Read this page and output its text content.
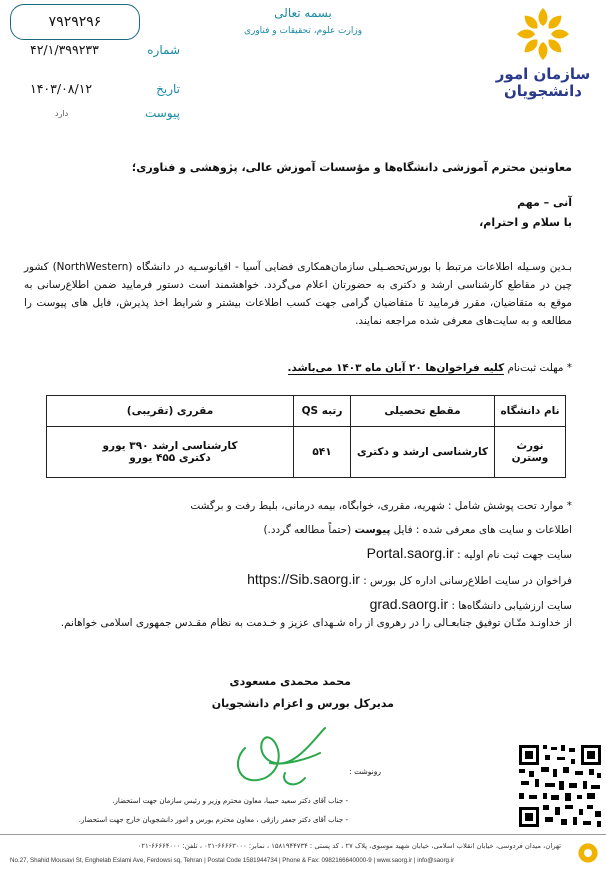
سازمان امور دانشجویان
بسمه تعالی
وزارت علوم، تحقیقات و فناوری
۷۹۲۹۲۹۶
شماره
۴۲/۱/۳۹۹۲۳۳
تاریخ
۱۴۰۳/۰۸/۱۲
پیوست
دارد
معاونین محترم آموزشی دانشگاه‌ها و مؤسسات آموزش عالی، پژوهشی و فناوری؛
آنی – مهم
با سلام و احترام،
بـدین وسـیله اطلاعات مرتبط با بورس‌تحصـیلی سازمان‌همکاری فضایی آسیا - اقیانوسـیه در دانشگاه (NorthWestern) کشور چین در مقاطع کارشناسی ارشد و دکتری به حضورتان اعلام می‌گردد. خواهشمند است دستور فرمایید ضمن اطلاع‌رسانی به موقع به متقاضیان، مقرر فرمایید تا متقاضیان گرامی جهت کسب اطلاعات بیشتر و شرایط اخذ پذیرش، فایل های پیوست را مطالعه و به سایت‌های معرفی شده مراجعه نمایند.
* مهلت ثبت‌نام کلیه فراخوان‌ها ۲۰ آبان ماه ۱۴۰۳ می‌باشد.
نام دانشگاه	مقطع تحصیلی	رتبه QS	مقرری (تقریبی)
نورث وسترن	کارشناسی ارشد و دکتری	۵۴۱	کارشناسی ارشد ۳۹۰ یورو
دکتری ۴۵۵ یورو
* موارد تحت پوشش شامل : شهریه، مقرری، خوابگاه، بیمه درمانی، بلیط رفت و برگشت
اطلاعات و سایت های معرفی شده : فایل پیوست (حتماً مطالعه گردد.)
سایت جهت ثبت نام اولیه : Portal.saorg.ir
فراخوان در سایت اطلاع‌رسانی اداره کل بورس : https://Sib.saorg.ir
سایت ارزشیابی دانشگاه‌ها : grad.saorg.ir
از خداونـد متّـان توفیق جنابعـالی را در رهروی از راه شـهدای عزیز و خـدمت به نظام مقـدس جمهوری اسلامی خواهانم.
محمد محمدی مسعودی
مدیرکل بورس و اعزام دانشجویان
رونوشت :
- جناب آقای دکتر سعید حبیبا، معاون محترم وزیر و رئیس سازمان جهت استحضار.
- جناب آقای دکتر جعفر رازقی ، معاون محترم بورس و امور دانشجویان خارج جهت استحضار.
تهران، میدان فردوسی، خیابان انقلاب اسلامی، خیابان شهید موسوی، پلاک ۲۷ ، کد پستی : ۱۵۸۱۹۴۴۷۳۴ ، نمابر: ۶۶۶۶۳۰۰۰-۰۲۱ ، تلفن: ۶۶۶۶۴۰۰۰-۰۲۱
No.27, Shahid Mousavi St, Enghelab Eslami Ave, Ferdowsi sq, Tehran | Postal Code 1581944734 | Phone & Fax: 0982166640000-9 | www.saorg.ir | info@saorg.ir
